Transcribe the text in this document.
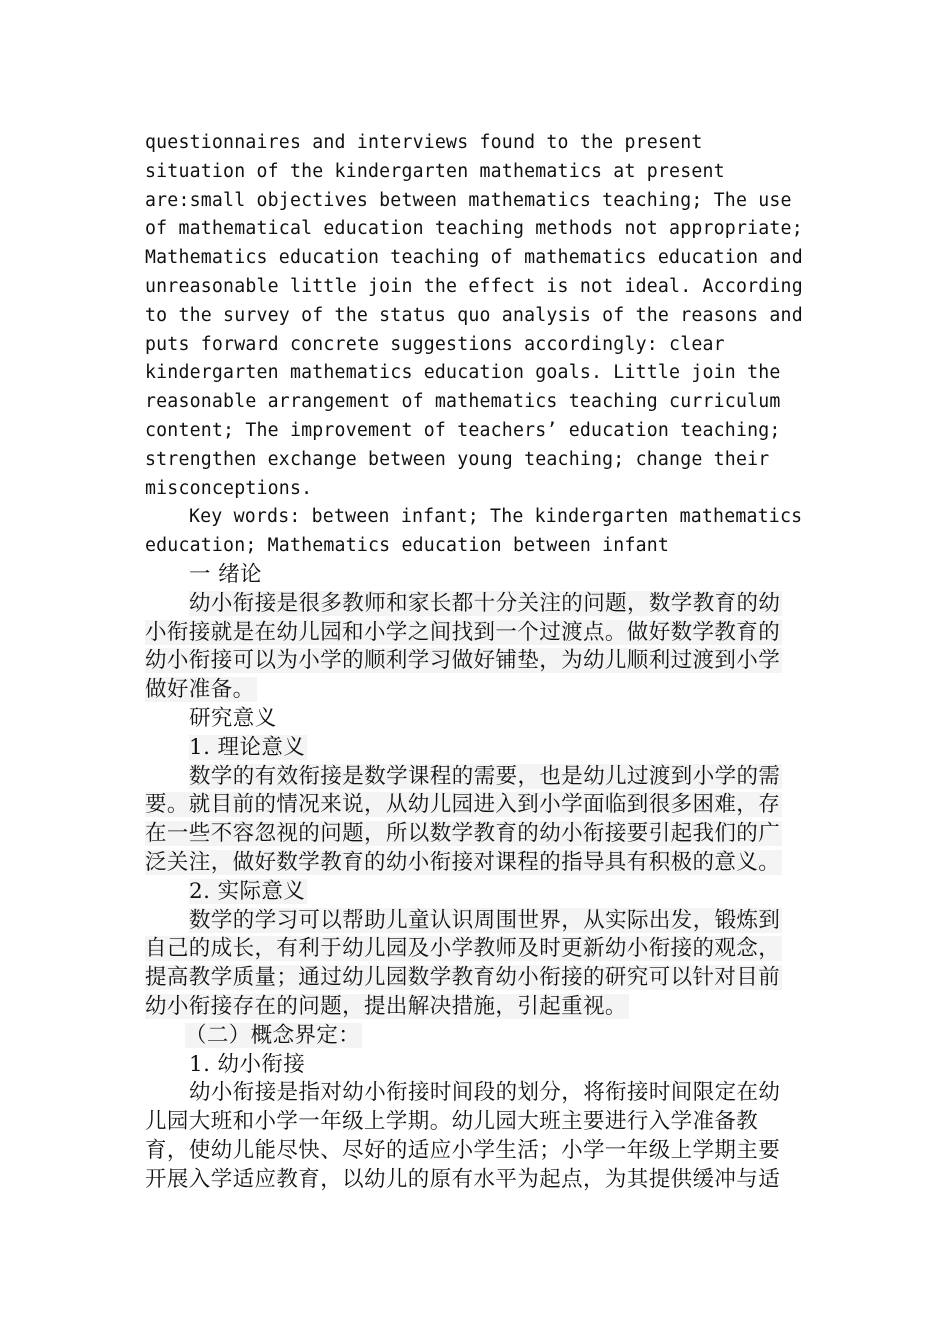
questionnaires and interviews found to the present
situation of the kindergarten mathematics at present
are:small objectives between mathematics teaching; The use
of mathematical education teaching methods not appropriate;
Mathematics education teaching of mathematics education and
unreasonable little join the effect is not ideal. According
to the survey of the status quo analysis of the reasons and
puts forward concrete suggestions accordingly: clear
kindergarten mathematics education goals. Little join the
reasonable arrangement of mathematics teaching curriculum
content; The improvement of teachers’ education teaching;
strengthen exchange between young teaching; change their
misconceptions.
Key words: between infant; The kindergarten mathematics
education; Mathematics education between infant
一 绪论
幼小衔接是很多教师和家长都十分关注的问题，数学教育的幼
小衔接就是在幼儿园和小学之间找到一个过渡点。做好数学教育的
幼小衔接可以为小学的顺利学习做好铺垫，为幼儿顺利过渡到小学
做好准备。
研究意义
1. 理论意义
数学的有效衔接是数学课程的需要，也是幼儿过渡到小学的需
要。就目前的情况来说，从幼儿园进入到小学面临到很多困难，存
在一些不容忽视的问题，所以数学教育的幼小衔接要引起我们的广
泛关注，做好数学教育的幼小衔接对课程的指导具有积极的意义。
2. 实际意义
数学的学习可以帮助儿童认识周围世界，从实际出发，锻炼到
自己的成长，有利于幼儿园及小学教师及时更新幼小衔接的观念，
提高教学质量；通过幼儿园数学教育幼小衔接的研究可以针对目前
幼小衔接存在的问题，提出解决措施，引起重视。
（二）概念界定：
1. 幼小衔接
幼小衔接是指对幼小衔接时间段的划分，将衔接时间限定在幼
儿园大班和小学一年级上学期。幼儿园大班主要进行入学准备教
育，使幼儿能尽快、尽好的适应小学生活；小学一年级上学期主要
开展入学适应教育，以幼儿的原有水平为起点，为其提供缓冲与适
